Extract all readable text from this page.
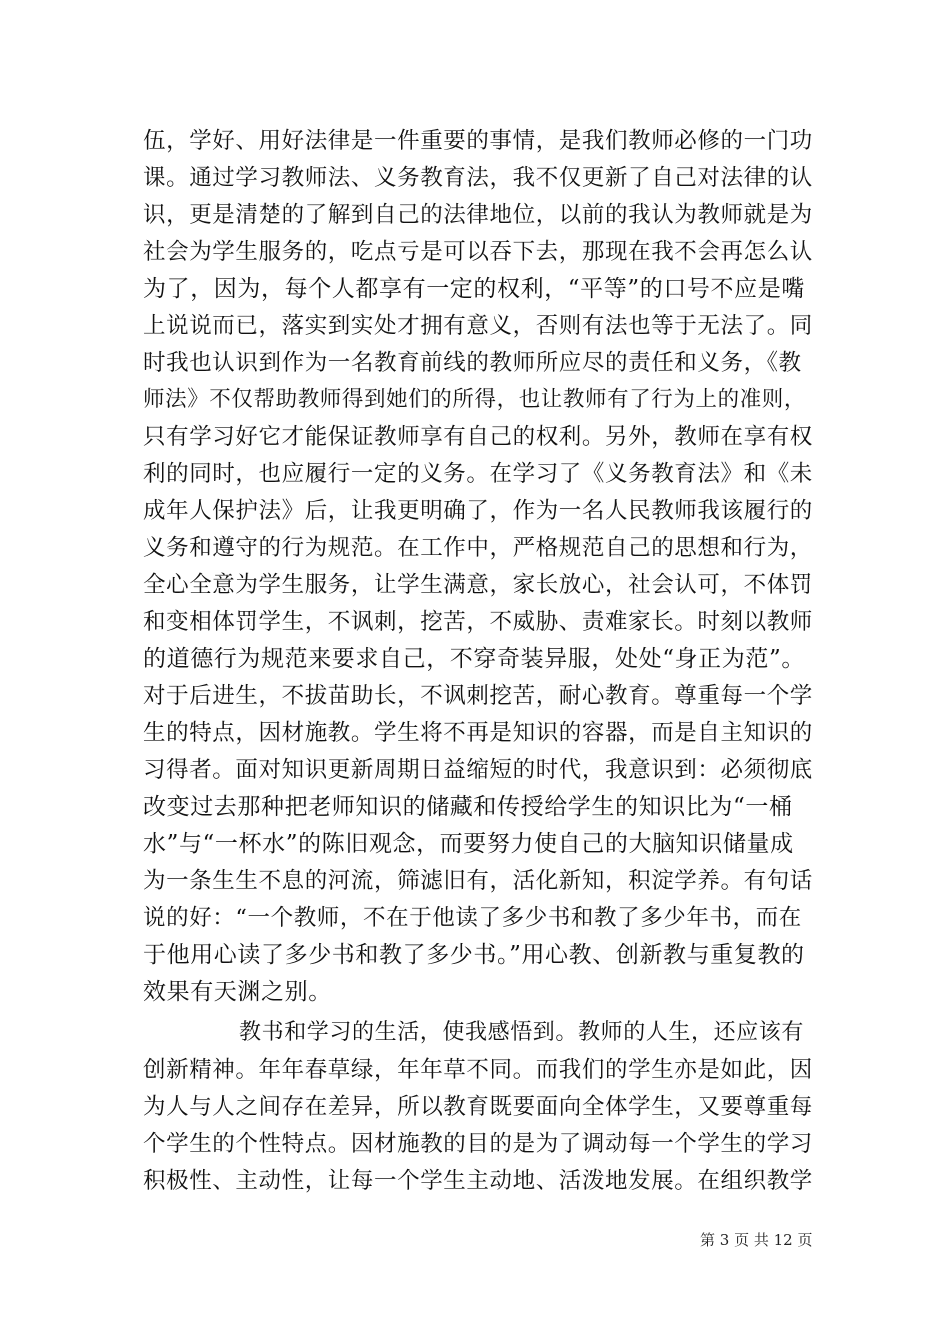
伍，学好、用好法律是一件重要的事情，是我们教师必修的一门功
课。通过学习教师法、义务教育法，我不仅更新了自己对法律的认
识，更是清楚的了解到自己的法律地位，以前的我认为教师就是为
社会为学生服务的，吃点亏是可以吞下去，那现在我不会再怎么认
为了，因为，每个人都享有一定的权利，“平等”的口号不应是嘴
上说说而已，落实到实处才拥有意义，否则有法也等于无法了。同
时我也认识到作为一名教育前线的教师所应尽的责任和义务，《教
师法》不仅帮助教师得到她们的所得，也让教师有了行为上的准则，
只有学习好它才能保证教师享有自己的权利。另外，教师在享有权
利的同时，也应履行一定的义务。在学习了《义务教育法》和《未
成年人保护法》后，让我更明确了，作为一名人民教师我该履行的
义务和遵守的行为规范。在工作中，严格规范自己的思想和行为，
全心全意为学生服务，让学生满意，家长放心，社会认可，不体罚
和变相体罚学生，不讽刺，挖苦，不威胁、责难家长。时刻以教师
的道德行为规范来要求自己，不穿奇装异服，处处“身正为范”。
对于后进生，不拔苗助长，不讽刺挖苦，耐心教育。尊重每一个学
生的特点，因材施教。学生将不再是知识的容器，而是自主知识的
习得者。面对知识更新周期日益缩短的时代，我意识到：必须彻底
改变过去那种把老师知识的储藏和传授给学生的知识比为“一桶
水”与“一杯水”的陈旧观念，而要努力使自己的大脑知识储量成
为一条生生不息的河流，筛滤旧有，活化新知，积淀学养。有句话
说的好：“一个教师，不在于他读了多少书和教了多少年书，而在
于他用心读了多少书和教了多少书。”用心教、创新教与重复教的
效果有天渊之别。
教书和学习的生活，使我感悟到。教师的人生，还应该有
创新精神。年年春草绿，年年草不同。而我们的学生亦是如此，因
为人与人之间存在差异，所以教育既要面向全体学生，又要尊重每
个学生的个性特点。因材施教的目的是为了调动每一个学生的学习
积极性、主动性，让每一个学生主动地、活泼地发展。在组织教学
第 3 页 共 12 页
